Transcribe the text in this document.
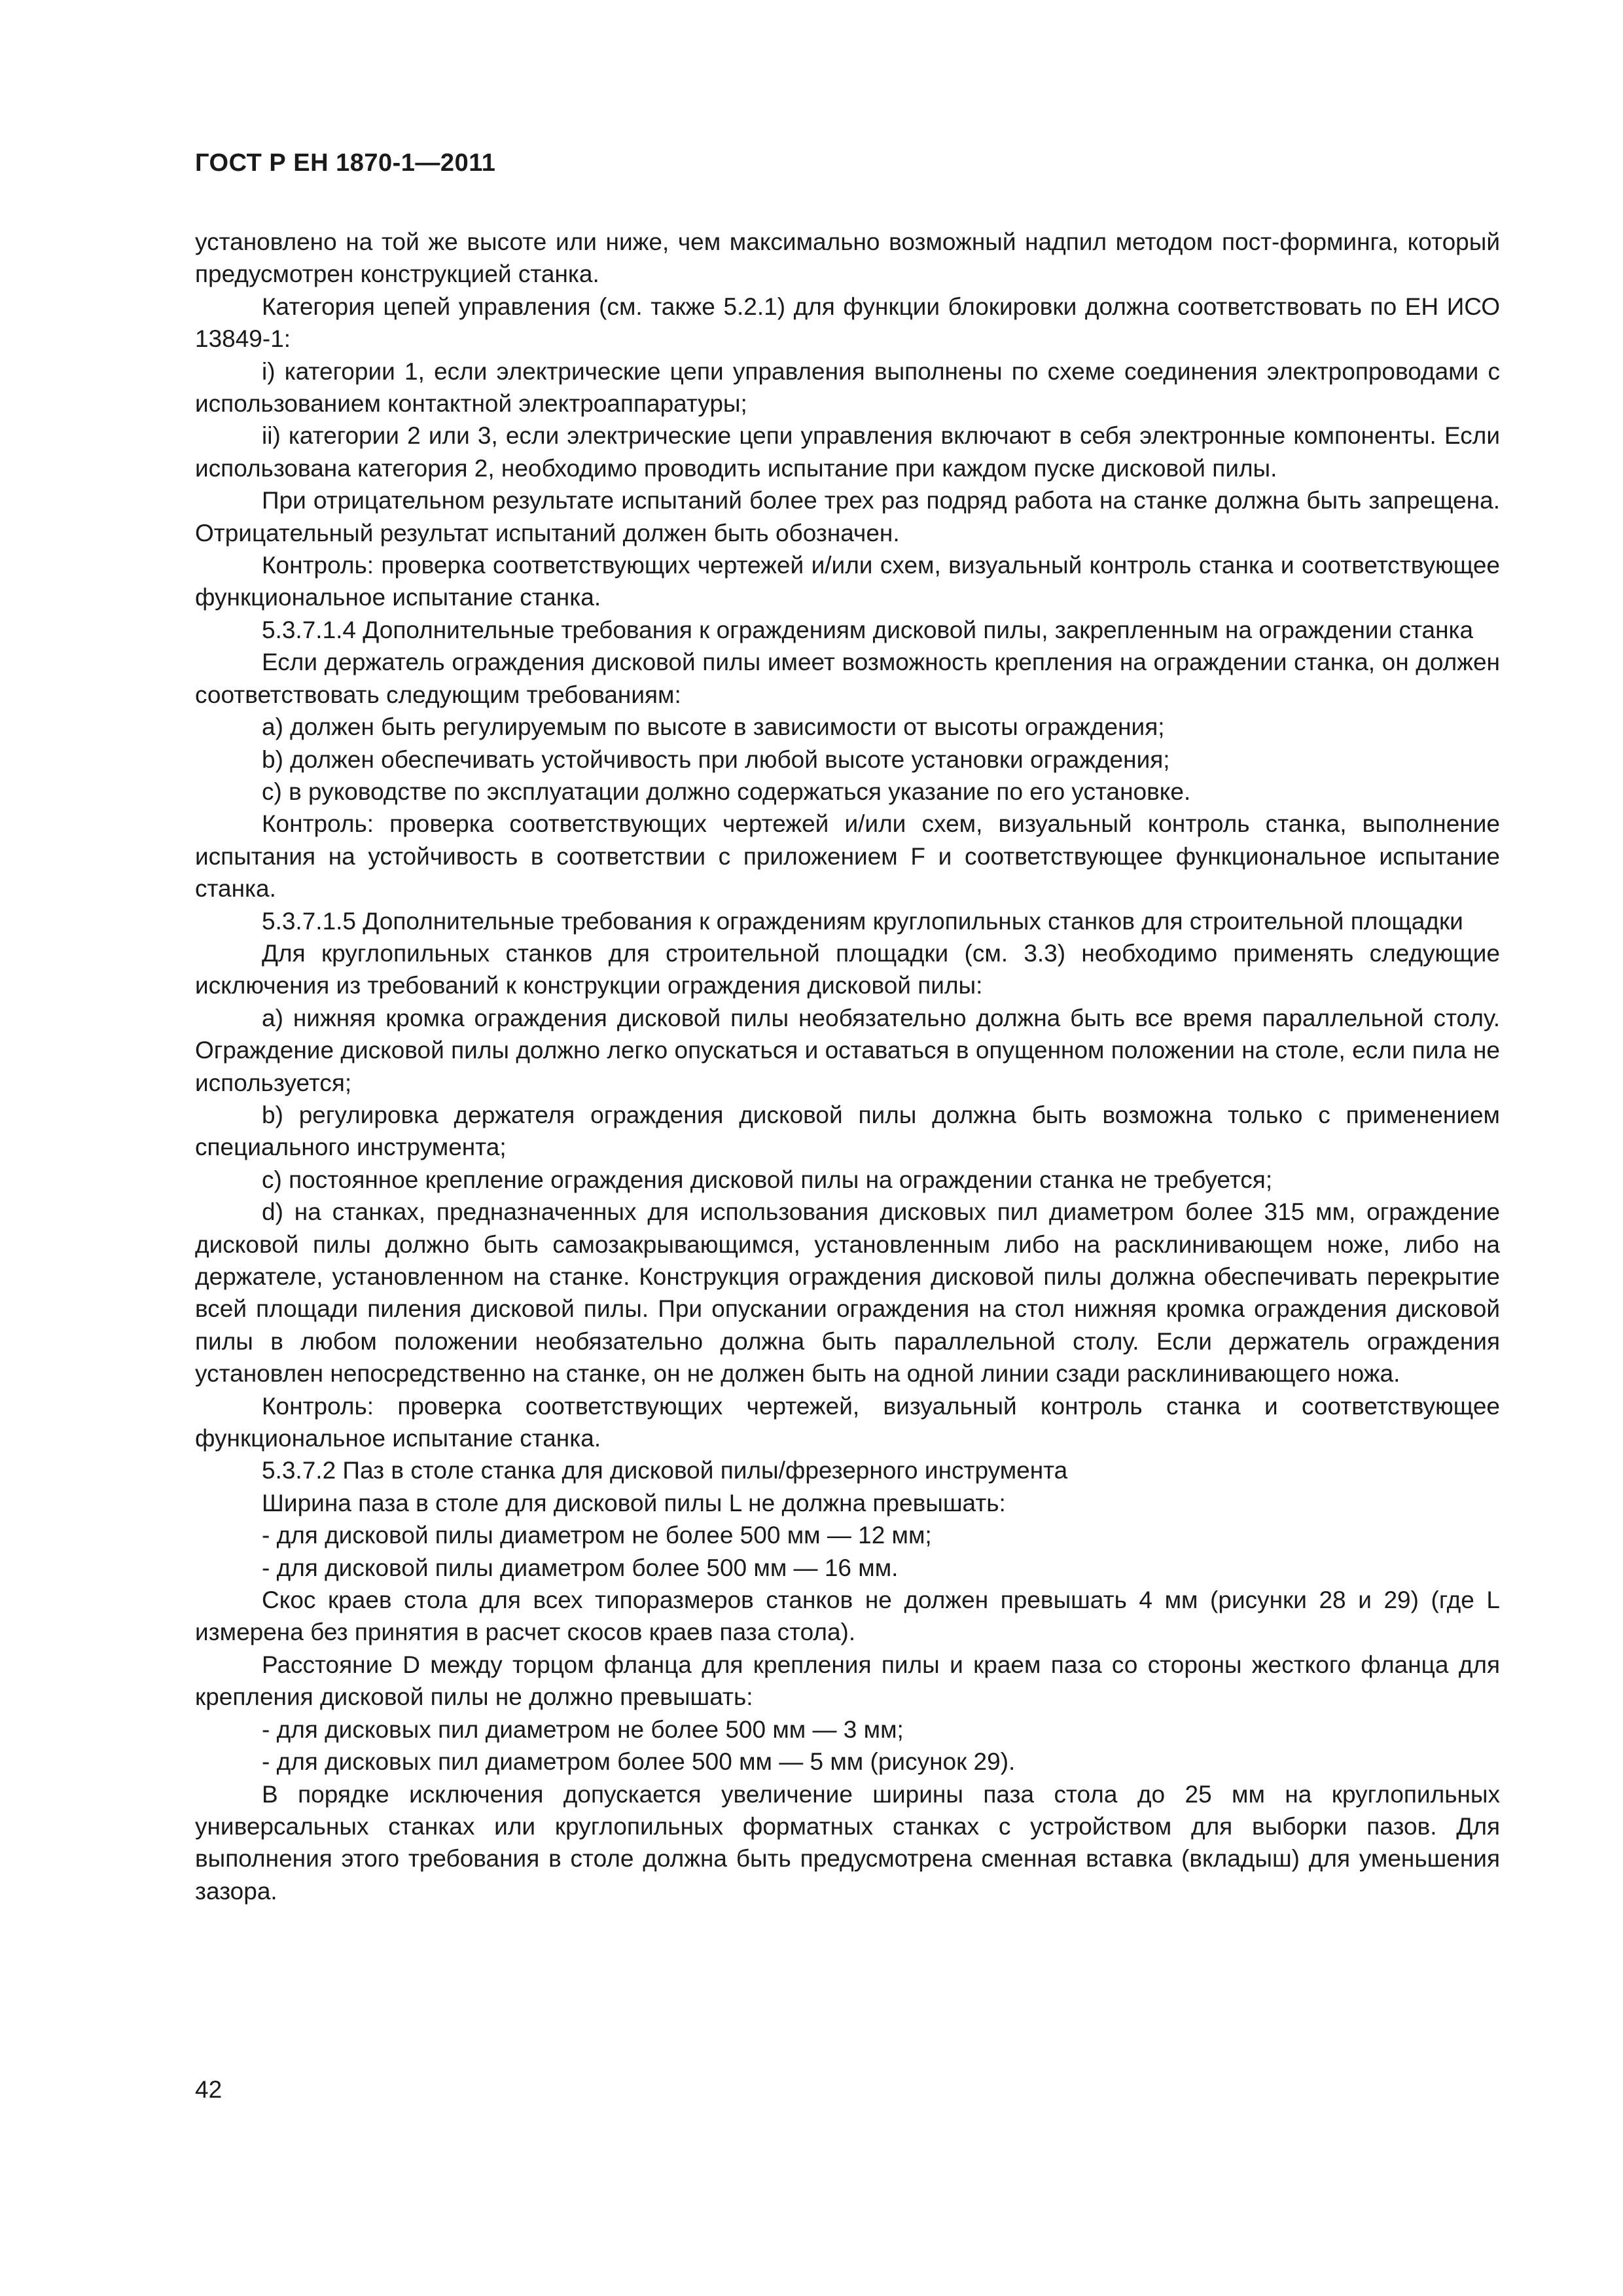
ГОСТ Р ЕН 1870-1—2011

установлено на той же высоте или ниже, чем максимально возможный надпил методом пост-форминга, который предусмотрен конструкцией станка.

Категория цепей управления (см. также 5.2.1) для функции блокировки должна соответствовать по ЕН ИСО 13849-1:

i) категории 1, если электрические цепи управления выполнены по схеме соединения электропроводами с использованием контактной электроаппаратуры;

ii) категории 2 или 3, если электрические цепи управления включают в себя электронные компоненты. Если использована категория 2, необходимо проводить испытание при каждом пуске дисковой пилы.

При отрицательном результате испытаний более трех раз подряд работа на станке должна быть запрещена. Отрицательный результат испытаний должен быть обозначен.

Контроль: проверка соответствующих чертежей и/или схем, визуальный контроль станка и соответствующее функциональное испытание станка.

5.3.7.1.4 Дополнительные требования к ограждениям дисковой пилы, закрепленным на ограждении станка

Если держатель ограждения дисковой пилы имеет возможность крепления на ограждении станка, он должен соответствовать следующим требованиям:

a) должен быть регулируемым по высоте в зависимости от высоты ограждения;

b) должен обеспечивать устойчивость при любой высоте установки ограждения;

c) в руководстве по эксплуатации должно содержаться указание по его установке.

Контроль: проверка соответствующих чертежей и/или схем, визуальный контроль станка, выполнение испытания на устойчивость в соответствии с приложением F и соответствующее функциональное испытание станка.

5.3.7.1.5 Дополнительные требования к ограждениям круглопильных станков для строительной площадки

Для круглопильных станков для строительной площадки (см. 3.3) необходимо применять следующие исключения из требований к конструкции ограждения дисковой пилы:

a) нижняя кромка ограждения дисковой пилы необязательно должна быть все время параллельной столу. Ограждение дисковой пилы должно легко опускаться и оставаться в опущенном положении на столе, если пила не используется;

b) регулировка держателя ограждения дисковой пилы должна быть возможна только с применением специального инструмента;

c) постоянное крепление ограждения дисковой пилы на ограждении станка не требуется;

d) на станках, предназначенных для использования дисковых пил диаметром более 315 мм, ограждение дисковой пилы должно быть самозакрывающимся, установленным либо на расклинивающем ноже, либо на держателе, установленном на станке. Конструкция ограждения дисковой пилы должна обеспечивать перекрытие всей площади пиления дисковой пилы. При опускании ограждения на стол нижняя кромка ограждения дисковой пилы в любом положении необязательно должна быть параллельной столу. Если держатель ограждения установлен непосредственно на станке, он не должен быть на одной линии сзади расклинивающего ножа.

Контроль: проверка соответствующих чертежей, визуальный контроль станка и соответствующее функциональное испытание станка.

5.3.7.2 Паз в столе станка для дисковой пилы/фрезерного инструмента

Ширина паза в столе для дисковой пилы L не должна превышать:

- для дисковой пилы диаметром не более 500 мм — 12 мм;

- для дисковой пилы диаметром более 500 мм — 16 мм.

Скос краев стола для всех типоразмеров станков не должен превышать 4 мм (рисунки 28 и 29) (где L измерена без принятия в расчет скосов краев паза стола).

Расстояние D между торцом фланца для крепления пилы и краем паза со стороны жесткого фланца для крепления дисковой пилы не должно превышать:

- для дисковых пил диаметром не более 500 мм — 3 мм;

- для дисковых пил диаметром более 500 мм — 5 мм (рисунок 29).

В порядке исключения допускается увеличение ширины паза стола до 25 мм на круглопильных универсальных станках или круглопильных форматных станках с устройством для выборки пазов. Для выполнения этого требования в столе должна быть предусмотрена сменная вставка (вкладыш) для уменьшения зазора.

42
